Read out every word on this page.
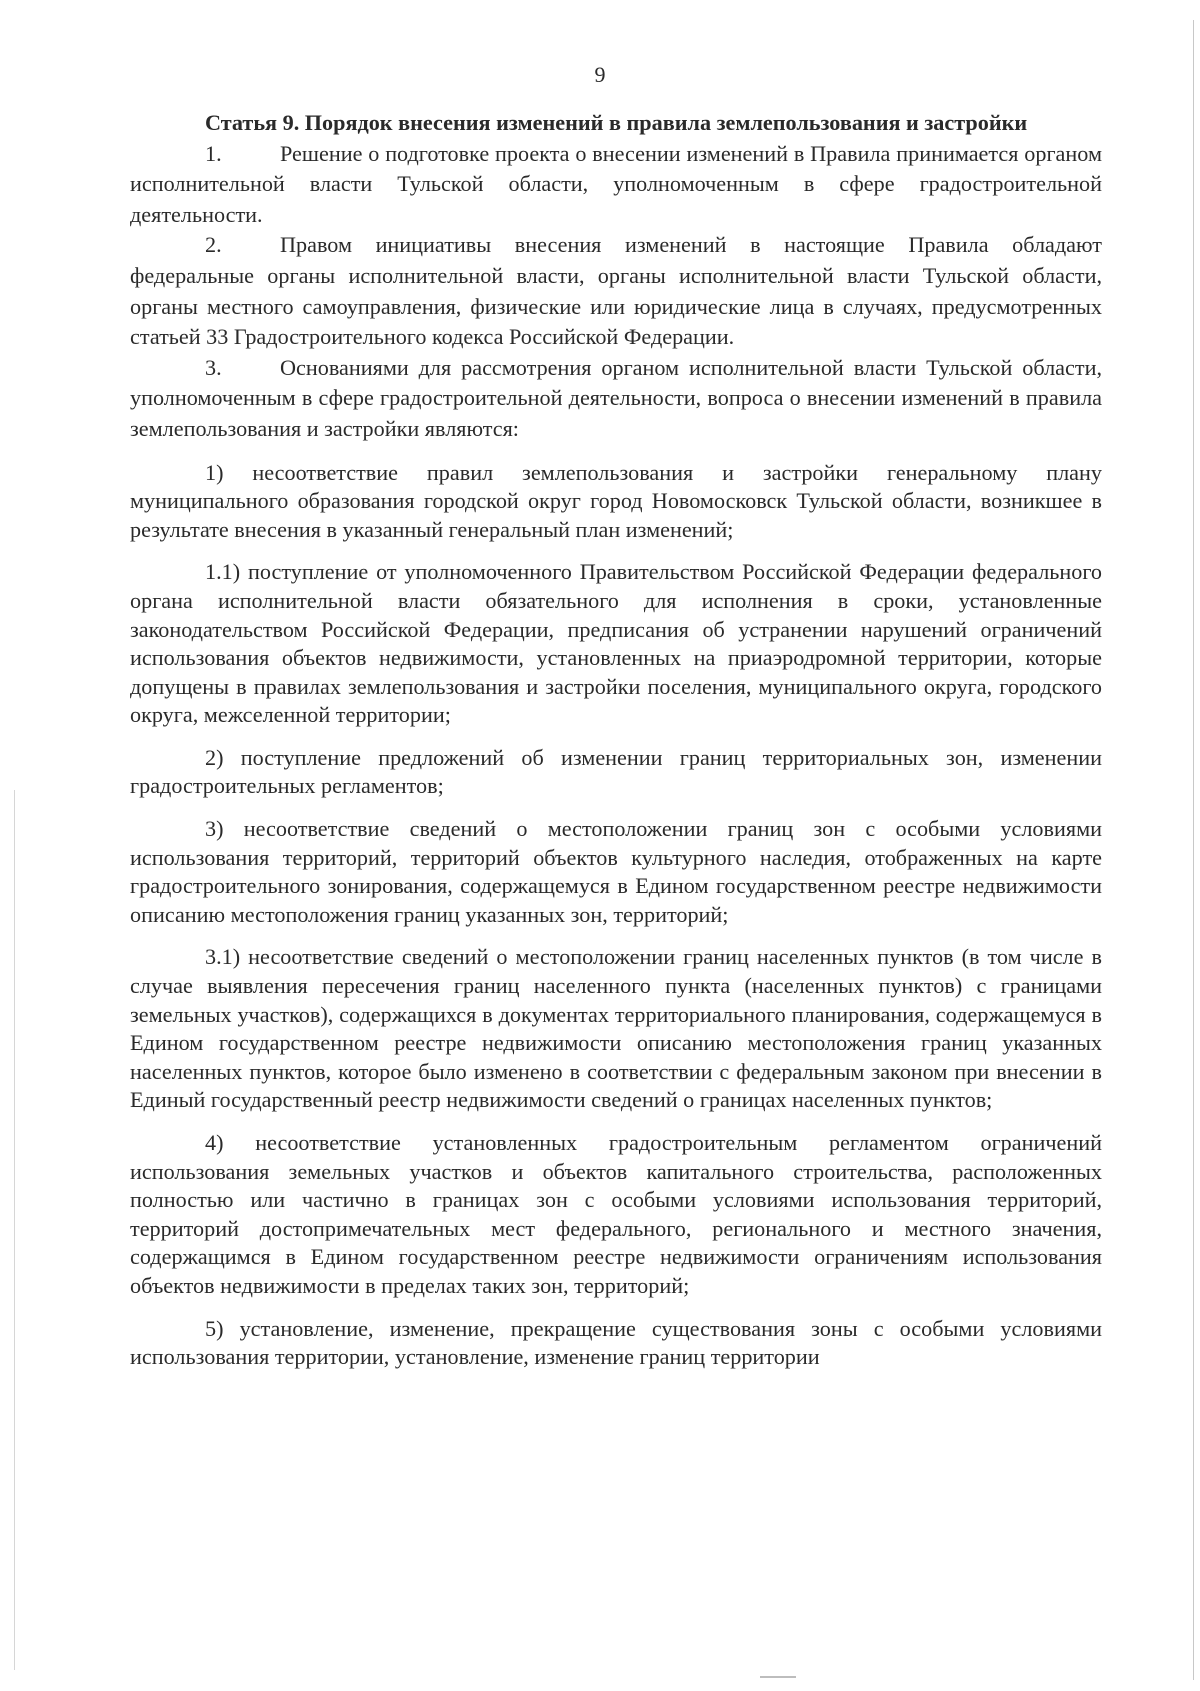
9

Статья 9. Порядок внесения изменений в правила землепользования и застройки

1.	Решение о подготовке проекта о внесении изменений в Правила принимается органом исполнительной власти Тульской области, уполномоченным в сфере градостроительной деятельности.

2.	Правом инициативы внесения изменений в настоящие Правила обладают федеральные органы исполнительной власти, органы исполнительной власти Тульской области, органы местного самоуправления, физические или юридические лица в случаях, предусмотренных статьей 33 Градостроительного кодекса Российской Федерации.

3.	Основаниями для рассмотрения органом исполнительной власти Тульской области, уполномоченным в сфере градостроительной деятельности, вопроса о внесении изменений в правила землепользования и застройки являются:

1) несоответствие правил землепользования и застройки генеральному плану муниципального образования городской округ город Новомосковск Тульской области, возникшее в результате внесения в указанный генеральный план изменений;

1.1) поступление от уполномоченного Правительством Российской Федерации федерального органа исполнительной власти обязательного для исполнения в сроки, установленные законодательством Российской Федерации, предписания об устранении нарушений ограничений использования объектов недвижимости, установленных на приаэродромной территории, которые допущены в правилах землепользования и застройки поселения, муниципального округа, городского округа, межселенной территории;

2) поступление предложений об изменении границ территориальных зон, изменении градостроительных регламентов;

3) несоответствие сведений о местоположении границ зон с особыми условиями использования территорий, территорий объектов культурного наследия, отображенных на карте градостроительного зонирования, содержащемуся в Едином государственном реестре недвижимости описанию местоположения границ указанных зон, территорий;

3.1) несоответствие сведений о местоположении границ населенных пунктов (в том числе в случае выявления пересечения границ населенного пункта (населенных пунктов) с границами земельных участков), содержащихся в документах территориального планирования, содержащемуся в Едином государственном реестре недвижимости описанию местоположения границ указанных населенных пунктов, которое было изменено в соответствии с федеральным законом при внесении в Единый государственный реестр недвижимости сведений о границах населенных пунктов;

4) несоответствие установленных градостроительным регламентом ограничений использования земельных участков и объектов капитального строительства, расположенных полностью или частично в границах зон с особыми условиями использования территорий, территорий достопримечательных мест федерального, регионального и местного значения, содержащимся в Едином государственном реестре недвижимости ограничениям использования объектов недвижимости в пределах таких зон, территорий;

5) установление, изменение, прекращение существования зоны с особыми условиями использования территории, установление, изменение границ территории
